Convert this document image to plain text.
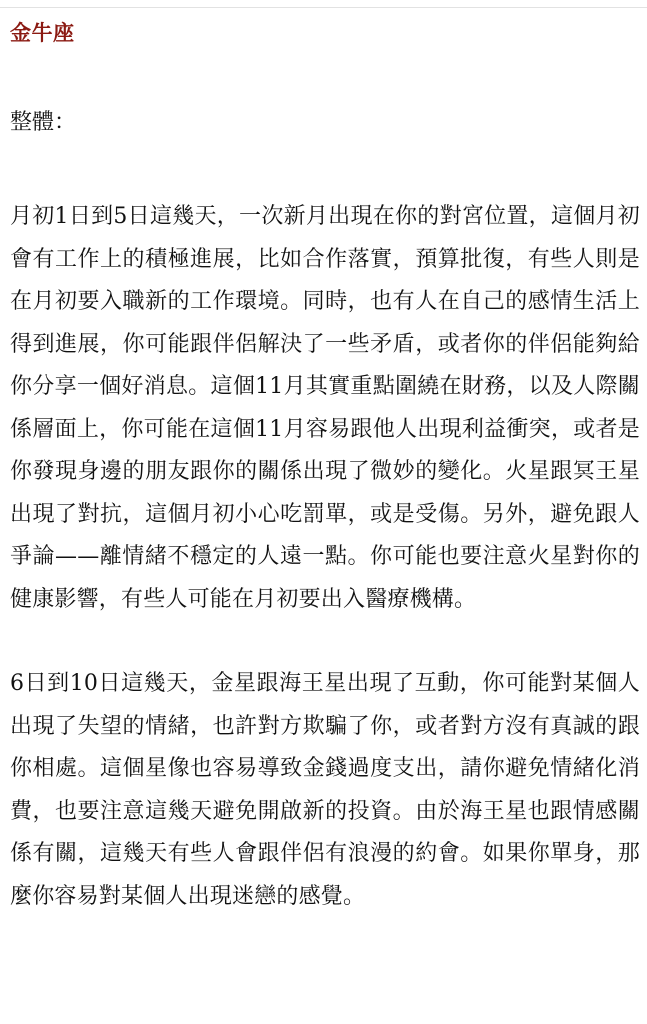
金牛座

整體：

月初1日到5日這幾天，一次新月出現在你的對宮位置，這個月初會有工作上的積極進展，比如合作落實，預算批復，有些人則是在月初要入職新的工作環境。同時，也有人在自己的感情生活上得到進展，你可能跟伴侶解決了一些矛盾，或者你的伴侶能夠給你分享一個好消息。這個11月其實重點圍繞在財務，以及人際關係層面上，你可能在這個11月容易跟他人出現利益衝突，或者是你發現身邊的朋友跟你的關係出現了微妙的變化。火星跟冥王星出現了對抗，這個月初小心吃罰單，或是受傷。另外，避免跟人爭論——離情緒不穩定的人遠一點。你可能也要注意火星對你的健康影響，有些人可能在月初要出入醫療機構。

6日到10日這幾天，金星跟海王星出現了互動，你可能對某個人出現了失望的情緒，也許對方欺騙了你，或者對方沒有真誠的跟你相處。這個星像也容易導致金錢過度支出，請你避免情緒化消費，也要注意這幾天避免開啟新的投資。由於海王星也跟情感關係有關，這幾天有些人會跟伴侶有浪漫的約會。如果你單身，那麼你容易對某個人出現迷戀的感覺。
